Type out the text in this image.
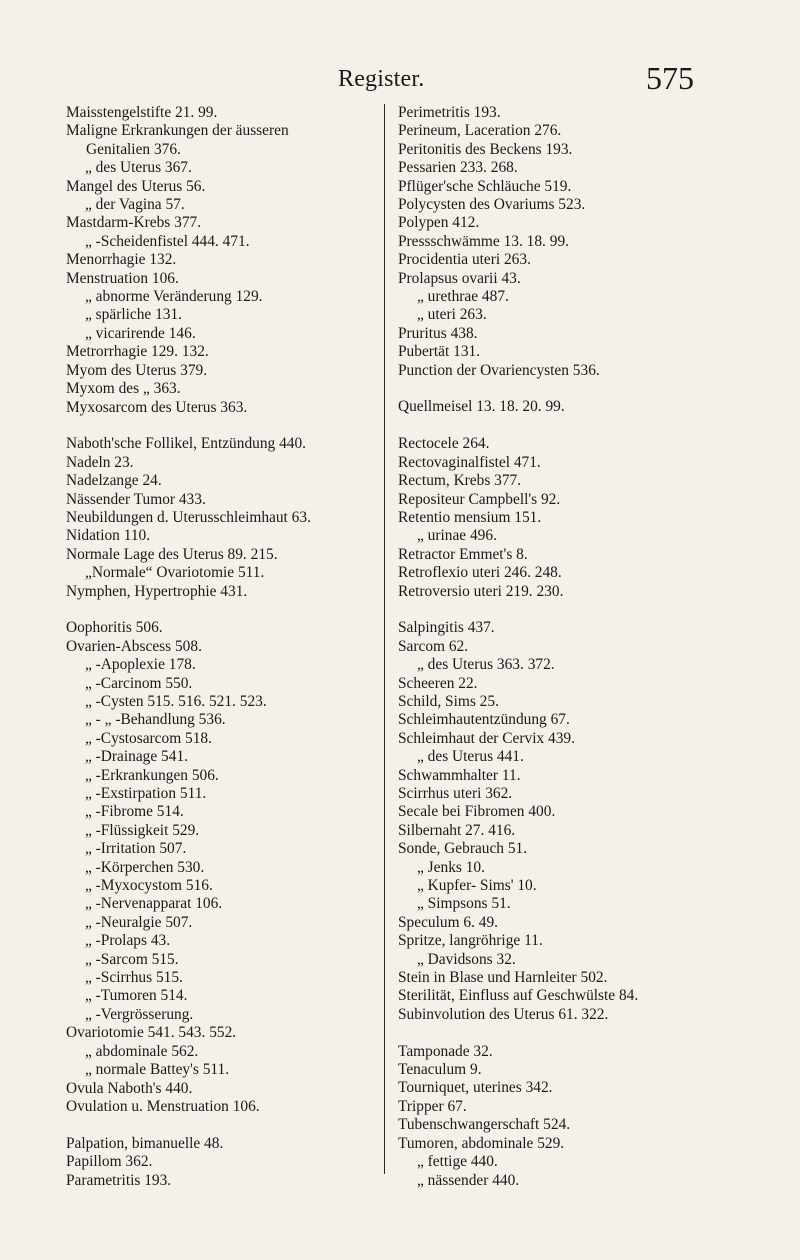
Register.	575
Maisstengelstifte 21. 99.
Maligne Erkrankungen der äusseren
Genitalien 376.
„ des Uterus 367.
Mangel des Uterus 56.
„ der Vagina 57.
Mastdarm-Krebs 377.
„ -Scheidenfistel 444. 471.
Menorrhagie 132.
Menstruation 106.
„ abnorme Veränderung 129.
„ spärliche 131.
„ vicarirende 146.
Metrorrhagie 129. 132.
Myom des Uterus 379.
Myxom des „ 363.
Myxosarcom des Uterus 363.
Naboth'sche Follikel, Entzündung 440.
Nadeln 23.
Nadelzange 24.
Nässender Tumor 433.
Neubildungen d. Uterusschleimhaut 63.
Nidation 110.
Normale Lage des Uterus 89. 215.
„Normale“ Ovariotomie 511.
Nymphen, Hypertrophie 431.
Oophoritis 506.
Ovarien-Abscess 508.
„ -Apoplexie 178.
„ -Carcinom 550.
„ -Cysten 515. 516. 521. 523.
„ - „ -Behandlung 536.
„ -Cystosarcom 518.
„ -Drainage 541.
„ -Erkrankungen 506.
„ -Exstirpation 511.
„ -Fibrome 514.
„ -Flüssigkeit 529.
„ -Irritation 507.
„ -Körperchen 530.
„ -Myxocystom 516.
„ -Nervenapparat 106.
„ -Neuralgie 507.
„ -Prolaps 43.
„ -Sarcom 515.
„ -Scirrhus 515.
„ -Tumoren 514.
„ -Vergrösserung.
Ovariotomie 541. 543. 552.
„ abdominale 562.
„ normale Battey's 511.
Ovula Naboth's 440.
Ovulation u. Menstruation 106.
Palpation, bimanuelle 48.
Papillom 362.
Parametritis 193.
Perimetritis 193.
Perineum, Laceration 276.
Peritonitis des Beckens 193.
Pessarien 233. 268.
Pflüger'sche Schläuche 519.
Polycysten des Ovariums 523.
Polypen 412.
Pressschwämme 13. 18. 99.
Procidentia uteri 263.
Prolapsus ovarii 43.
„ urethrae 487.
„ uteri 263.
Pruritus 438.
Pubertät 131.
Punction der Ovariencysten 536.
Quellmeisel 13. 18. 20. 99.
Rectocele 264.
Rectovaginalfistel 471.
Rectum, Krebs 377.
Repositeur Campbell's 92.
Retentio mensium 151.
„ urinae 496.
Retractor Emmet's 8.
Retroflexio uteri 246. 248.
Retroversio uteri 219. 230.
Salpingitis 437.
Sarcom 62.
„ des Uterus 363. 372.
Scheeren 22.
Schild, Sims 25.
Schleimhautentzündung 67.
Schleimhaut der Cervix 439.
„ des Uterus 441.
Schwammhalter 11.
Scirrhus uteri 362.
Secale bei Fibromen 400.
Silbernaht 27. 416.
Sonde, Gebrauch 51.
„ Jenks 10.
„ Kupfer- Sims' 10.
„ Simpsons 51.
Speculum 6. 49.
Spritze, langröhrige 11.
„ Davidsons 32.
Stein in Blase und Harnleiter 502.
Sterilität, Einfluss auf Geschwülste 84.
Subinvolution des Uterus 61. 322.
Tamponade 32.
Tenaculum 9.
Tourniquet, uterines 342.
Tripper 67.
Tubenschwangerschaft 524.
Tumoren, abdominale 529.
„ fettige 440.
„ nässender 440.
